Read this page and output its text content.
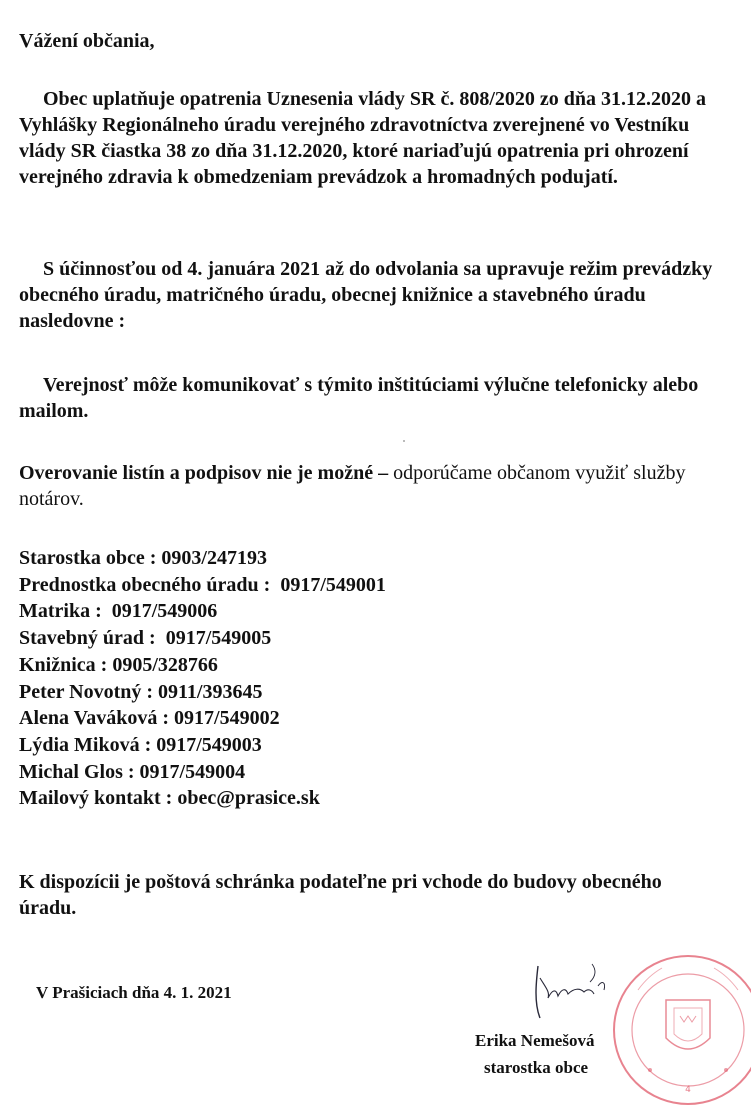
Vážení občania,

Obec uplatňuje opatrenia Uznesenia vlády SR č. 808/2020 zo dňa 31.12.2020 a Vyhlášky Regionálneho úradu verejného zdravotníctva zverejnené vo Vestníku vlády SR čiastka 38 zo dňa 31.12.2020, ktoré nariaďujú opatrenia pri ohrození verejného zdravia k obmedzeniam prevádzok a hromadných podujatí.

S účinnosťou od 4. januára 2021 až do odvolania sa upravuje režim prevádzky obecného úradu, matričného úradu, obecnej knižnice a stavebného úradu nasledovne :

Verejnosť môže komunikovať s týmito inštitúciami výlučne telefonicky alebo mailom.

Overovanie listín a podpisov nie je možné – odporúčame občanom využiť služby notárov.

Starostka obce : 0903/247193
Prednostka obecného úradu :  0917/549001
Matrika :  0917/549006
Stavebný úrad :  0917/549005
Knižnica : 0905/328766
Peter Novotný : 0911/393645
Alena Vaváková : 0917/549002
Lýdia Miková : 0917/549003
Michal Glos : 0917/549004
Mailový kontakt : obec@prasice.sk

K dispozícii je poštová schránka podateľne pri vchode do budovy obecného úradu.

V Prašiciach dňa 4. 1. 2021
4
Erika Nemešová
starostka obce
